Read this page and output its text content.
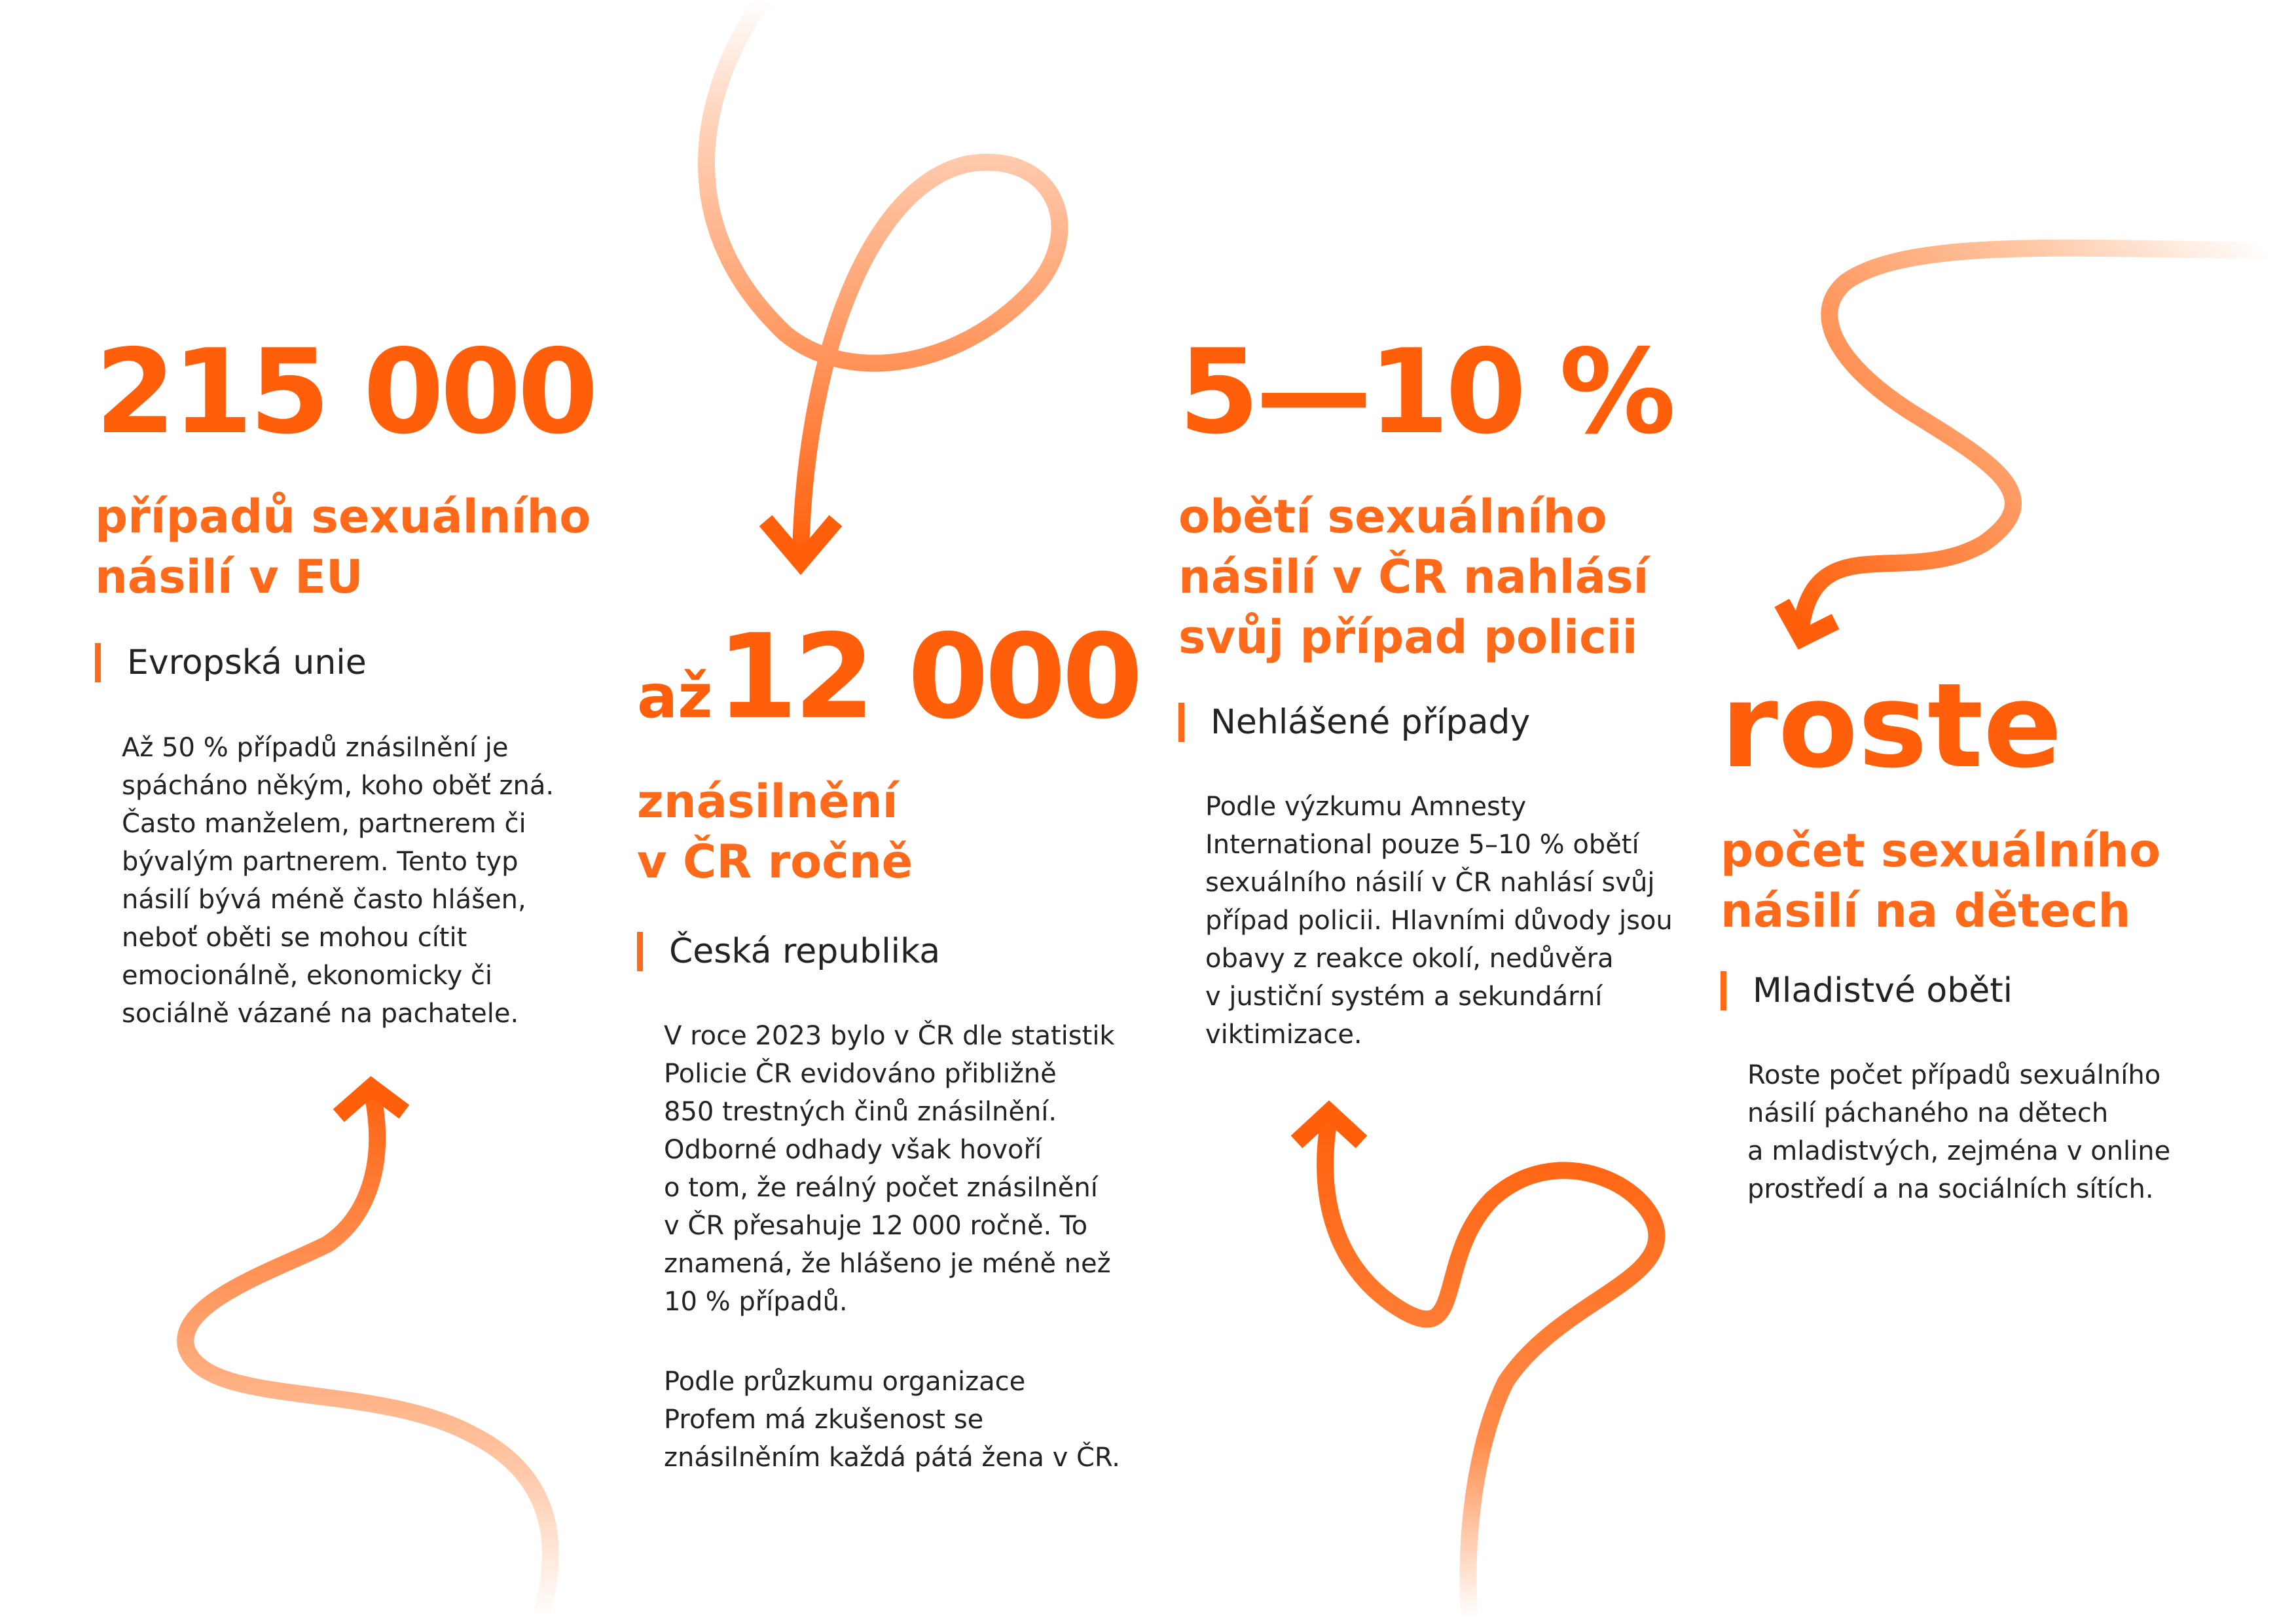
215 000

případů sexuálního

násilí v EU

Evropská unie

Až 50 % případů znásilnění je

spácháno někým, koho oběť zná.

Často manželem, partnerem či

bývalým partnerem. Tento typ

násilí bývá méně často hlášen,

neboť oběti se mohou cítit

emocionálně, ekonomicky či

sociálně vázané na pachatele.

až12 000

znásilnění

v ČR ročně

Česká republika

V roce 2023 bylo v ČR dle statistik

Policie ČR evidováno přibližně

850 trestných činů znásilnění.

Odborné odhady však hovoří

o tom, že reálný počet znásilnění

v ČR přesahuje 12 000 ročně. To

znamená, že hlášeno je méně než

10 % případů.

Podle průzkumu organizace

Profem má zkušenost se

znásilněním každá pátá žena v ČR.

5—10 %

obětí sexuálního

násilí v ČR nahlásí

svůj případ policii

Nehlášené případy

Podle výzkumu Amnesty

International pouze 5–10 % obětí

sexuálního násilí v ČR nahlásí svůj

případ policii. Hlavními důvody jsou

obavy z reakce okolí, nedůvěra

v justiční systém a sekundární

viktimizace.

roste

počet sexuálního

násilí na dětech

Mladistvé oběti

Roste počet případů sexuálního

násilí páchaného na dětech

a mladistvých, zejména v online

prostředí a na sociálních sítích.
